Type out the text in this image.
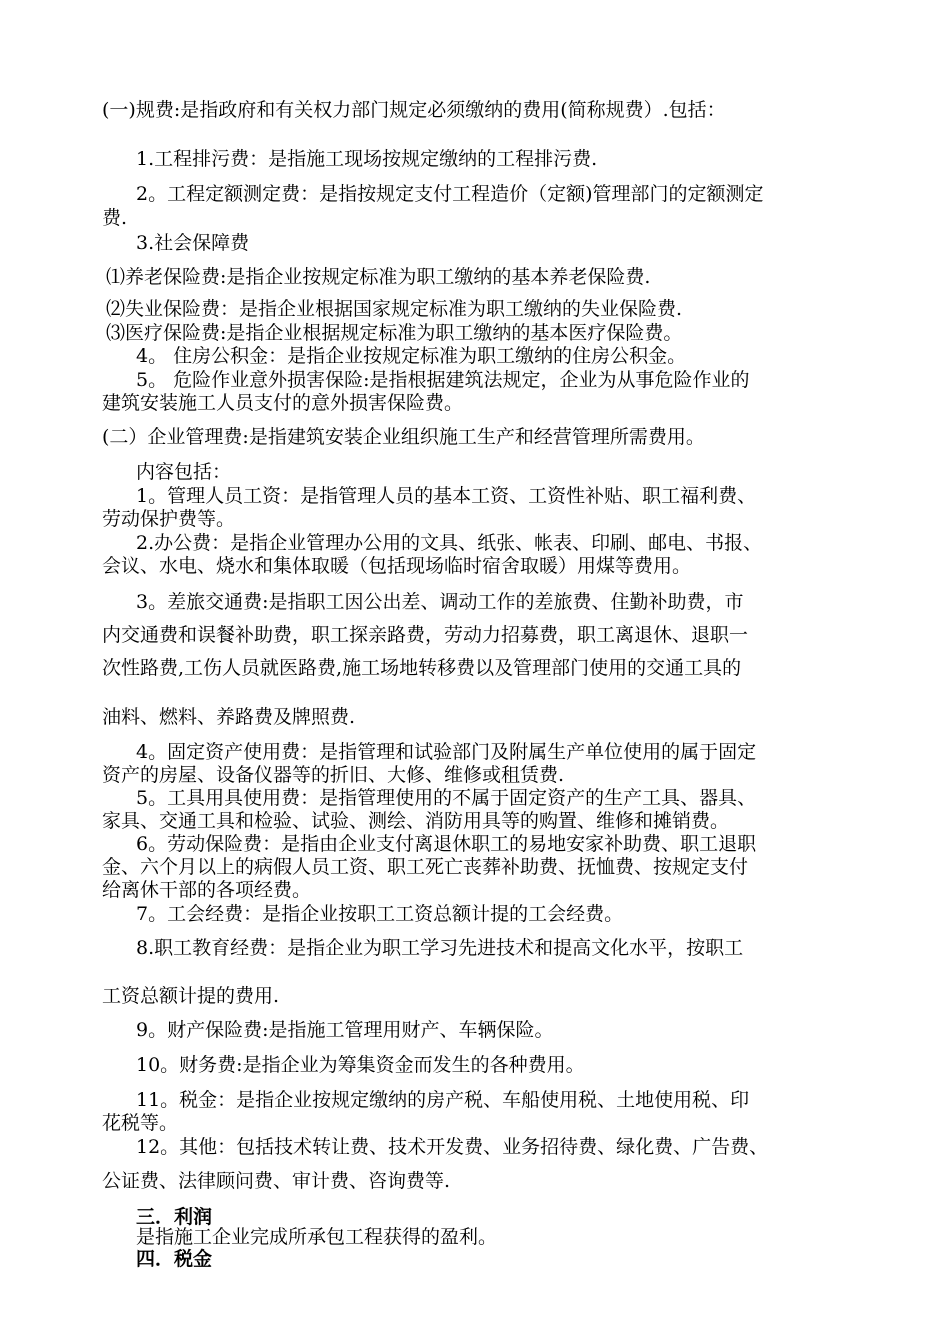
(一)规费:是指政府和有关权力部门规定必须缴纳的费用(简称规费）.包括：

1.工程排污费：是指施工现场按规定缴纳的工程排污费.

2。工程定额测定费：是指按规定支付工程造价（定额)管理部门的定额测定

费.

3.社会保障费

⑴养老保险费:是指企业按规定标准为职工缴纳的基本养老保险费.

⑵失业保险费：是指企业根据国家规定标准为职工缴纳的失业保险费.

⑶医疗保险费:是指企业根据规定标准为职工缴纳的基本医疗保险费。

4。 住房公积金：是指企业按规定标准为职工缴纳的住房公积金。

5。 危险作业意外损害保险:是指根据建筑法规定，企业为从事危险作业的

建筑安装施工人员支付的意外损害保险费。

(二）企业管理费:是指建筑安装企业组织施工生产和经营管理所需费用。

内容包括：

1。管理人员工资：是指管理人员的基本工资、工资性补贴、职工福利费、

劳动保护费等。

2.办公费：是指企业管理办公用的文具、纸张、帐表、印刷、邮电、书报、

会议、水电、烧水和集体取暖（包括现场临时宿舍取暖）用煤等费用。

3。差旅交通费:是指职工因公出差、调动工作的差旅费、住勤补助费，市

内交通费和误餐补助费，职工探亲路费，劳动力招募费，职工离退休、退职一

次性路费,工伤人员就医路费,施工场地转移费以及管理部门使用的交通工具的

油料、燃料、养路费及牌照费.

4。固定资产使用费：是指管理和试验部门及附属生产单位使用的属于固定

资产的房屋、设备仪器等的折旧、大修、维修或租赁费.

5。工具用具使用费：是指管理使用的不属于固定资产的生产工具、器具、

家具、交通工具和检验、试验、测绘、消防用具等的购置、维修和摊销费。

6。劳动保险费：是指由企业支付离退休职工的易地安家补助费、职工退职

金、六个月以上的病假人员工资、职工死亡丧葬补助费、抚恤费、按规定支付

给离休干部的各项经费。

7。工会经费：是指企业按职工工资总额计提的工会经费。

8.职工教育经费：是指企业为职工学习先进技术和提高文化水平，按职工

工资总额计提的费用.

9。财产保险费:是指施工管理用财产、车辆保险。

10。财务费:是指企业为筹集资金而发生的各种费用。

11。税金：是指企业按规定缴纳的房产税、车船使用税、土地使用税、印

花税等。

12。其他：包括技术转让费、技术开发费、业务招待费、绿化费、广告费、

公证费、法律顾问费、审计费、咨询费等.

三．利润

是指施工企业完成所承包工程获得的盈利。

四．税金
